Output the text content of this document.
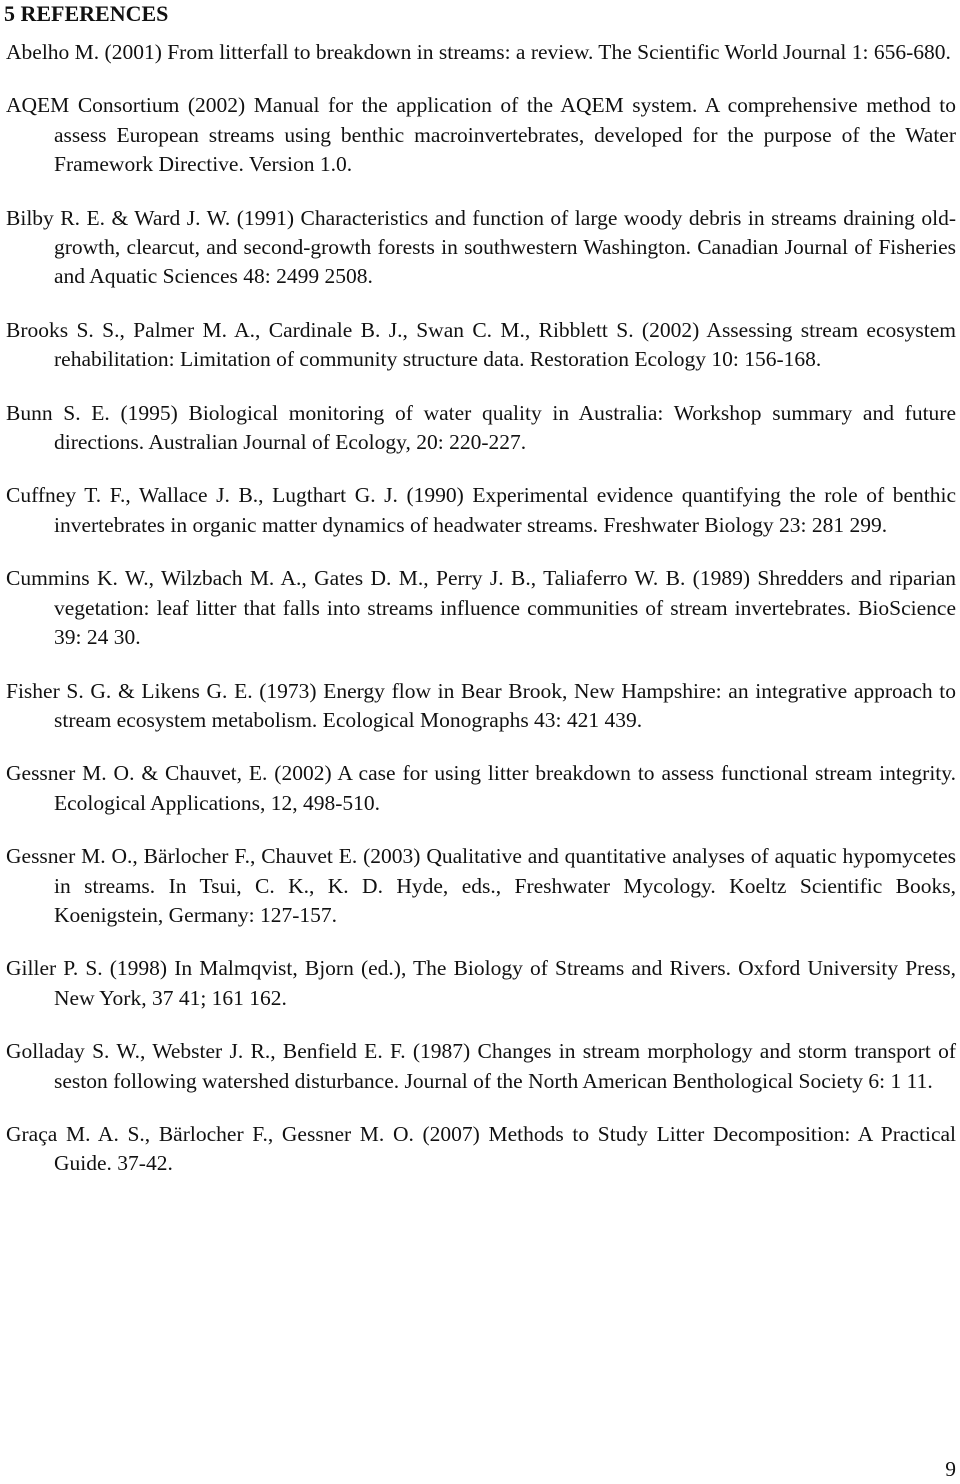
5 REFERENCES
Abelho M. (2001) From litterfall to breakdown in streams: a review. The Scientific World Journal 1: 656-680.
AQEM Consortium (2002) Manual for the application of the AQEM system. A comprehensive method to assess European streams using benthic macroinvertebrates, developed for the purpose of the Water Framework Directive. Version 1.0.
Bilby R. E. & Ward J. W. (1991) Characteristics and function of large woody debris in streams draining old-growth, clearcut, and second-growth forests in southwestern Washington. Canadian Journal of Fisheries and Aquatic Sciences 48: 2499 2508.
Brooks S. S., Palmer M. A., Cardinale B. J., Swan C. M., Ribblett S. (2002) Assessing stream ecosystem rehabilitation: Limitation of community structure data. Restoration Ecology 10: 156-168.
Bunn S. E. (1995) Biological monitoring of water quality in Australia: Workshop summary and future directions. Australian Journal of Ecology, 20: 220-227.
Cuffney T. F., Wallace J. B., Lugthart G. J. (1990) Experimental evidence quantifying the role of benthic invertebrates in organic matter dynamics of headwater streams. Freshwater Biology 23: 281 299.
Cummins K. W., Wilzbach M. A., Gates D. M., Perry J. B., Taliaferro W. B. (1989) Shredders and riparian vegetation: leaf litter that falls into streams influence communities of stream invertebrates. BioScience 39: 24 30.
Fisher S. G. & Likens G. E. (1973) Energy flow in Bear Brook, New Hampshire: an integrative approach to stream ecosystem metabolism. Ecological Monographs 43: 421 439.
Gessner M. O. & Chauvet, E. (2002) A case for using litter breakdown to assess functional stream integrity. Ecological Applications, 12, 498-510.
Gessner M. O., Bärlocher F., Chauvet E. (2003) Qualitative and quantitative analyses of aquatic hypomycetes in streams. In Tsui, C. K., K. D. Hyde, eds., Freshwater Mycology. Koeltz Scientific Books, Koenigstein, Germany: 127-157.
Giller P. S. (1998) In Malmqvist, Bjorn (ed.), The Biology of Streams and Rivers. Oxford University Press, New York, 37 41; 161 162.
Golladay S. W., Webster J. R., Benfield E. F. (1987) Changes in stream morphology and storm transport of seston following watershed disturbance. Journal of the North American Benthological Society 6: 1 11.
Graça M. A. S., Bärlocher F., Gessner M. O. (2007) Methods to Study Litter Decomposition: A Practical Guide. 37-42.
9
